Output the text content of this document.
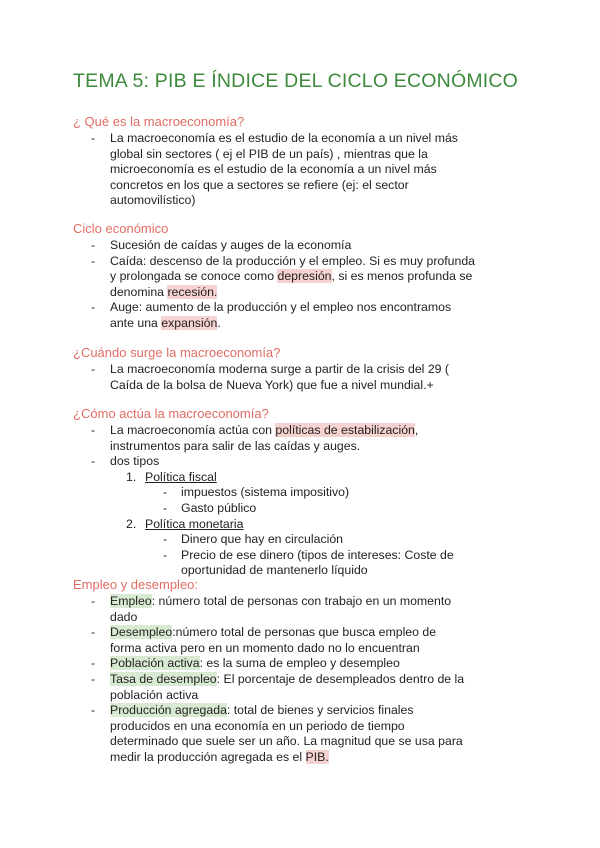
TEMA 5: PIB E ÍNDICE DEL CICLO ECONÓMICO
¿ Qué es la macroeconomía?
- La macroeconomía es el estudio de la economía a un nivel más
global sin sectores ( ej el PIB de un país) , mientras que la
microeconomía es el estudio de la economía a un nivel más
concretos en los que a sectores se refiere (ej: el sector
automovilístico)
Ciclo económico
- Sucesión de caídas y auges de la economía
- Caída: descenso de la producción y el empleo. Si es muy profunda
y prolongada se conoce como depresión, si es menos profunda se
denomina recesión.
- Auge: aumento de la producción y el empleo nos encontramos
ante una expansión.
¿Cuándo surge la macroeconomía?
- La macroeconomía moderna surge a partir de la crisis del 29 (
Caída de la bolsa de Nueva York) que fue a nivel mundial.+
¿Cómo actúa la macroeconomía?
- La macroeconomía actúa con políticas de estabilización,
instrumentos para salir de las caídas y auges.
- dos tipos
1. Política fiscal
- impuestos (sistema impositivo)
- Gasto público
2. Política monetaria
- Dinero que hay en circulación
- Precio de ese dinero (tipos de intereses: Coste de
oportunidad de mantenerlo líquido
Empleo y desempleo:
- Empleo: número total de personas con trabajo en un momento
dado
- Desempleo:número total de personas que busca empleo de
forma activa pero en un momento dado no lo encuentran
- Población activa: es la suma de empleo y desempleo
- Tasa de desempleo: El porcentaje de desempleados dentro de la
población activa
- Producción agregada: total de bienes y servicios finales
producidos en una economía en un periodo de tiempo
determinado que suele ser un año. La magnitud que se usa para
medir la producción agregada es el PIB.
